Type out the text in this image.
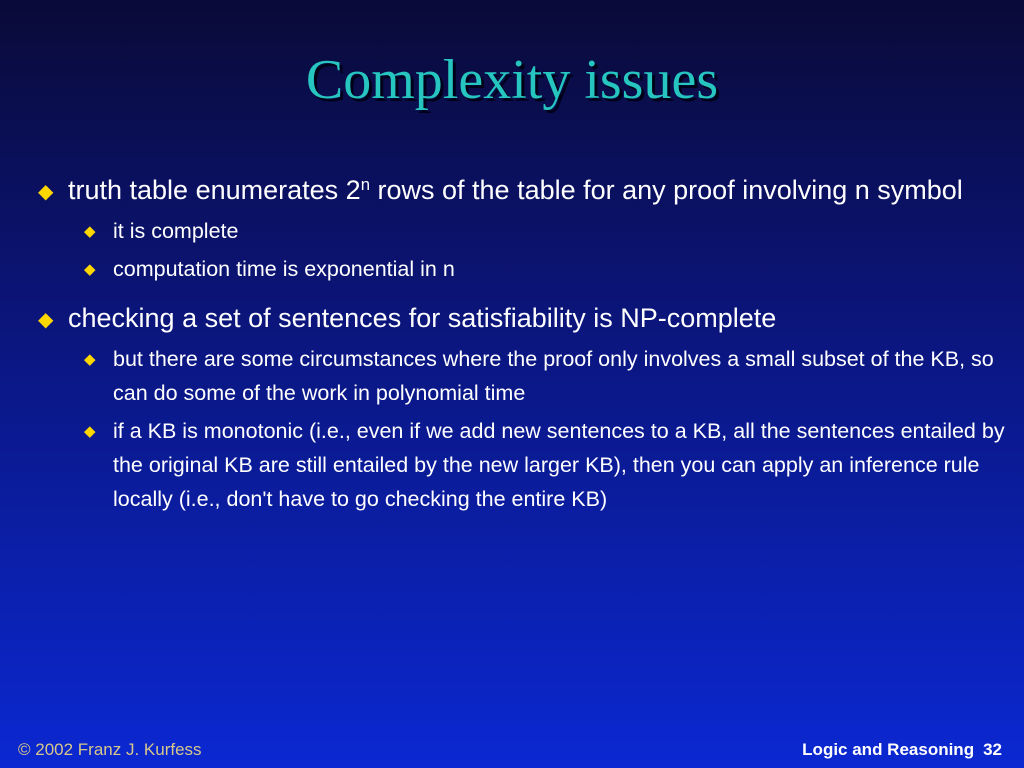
Complexity issues
◆ truth table enumerates 2$^n$ rows of the table for any proof involving n symbol
◆ it is complete
◆ computation time is exponential in n
◆ checking a set of sentences for satisfiability is NP-complete
◆ but there are some circumstances where the proof only involves a small subset of the KB, so can do some of the work in polynomial time
◆ if a KB is monotonic (i.e., even if we add new sentences to a KB, all the sentences entailed by the original KB are still entailed by the new larger KB), then you can apply an inference rule locally (i.e., don't have to go checking the entire KB)
© 2002 Franz J. Kurfess	Logic and Reasoning 32
